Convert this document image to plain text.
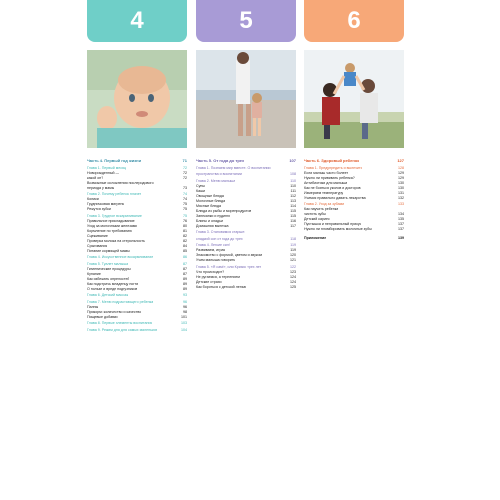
4
Часть 4. Первый год жизни	71
Глава 1. Первый месяц	72
Новорожденный —	72
какой он?	72
Возможные осложнения послеродового
периода у мамы	73
Глава 2. Почему ребенок плачет	74
Колики	74
Грудничковая мигрень	75
Режутся зубки	75
Глава 3. Грудное вскармливание	75
Правильное прикладывание	76
Уход за молочными железами	80
Кормление по требованию	81
Сцеживание	82
Проверка молока на стерильность	82
Срыгивания	84
Питание кормящей мамы	85
Глава 4. Искусственное вскармливание	86
Глава 5. Туалет малыша	87
Гигиенические процедуры	87
Купание	87
Как избежать опрелостей	89
Как подстричь младенцу ногти	89
О пользе и вреде подгузников	89
Глава 6. Детский массаж	93
Глава 7. Меню подрастающего ребенка	96
Палпы	96
Прикорм: количество и качество	98
Пищевые добавки	101
Глава 8. Первые элементы воспитания	103
Глава 9. Режим дня для самых маленьких	104
5
Часть 5. От года до трех	107
Глава 1. Познаем мир вместе. О воспитании
пространства и воспитании	108
Глава 2. Меню малыша	110
Супы	110
Каши	111
Овощные блюда	112
Молочные блюда	113
Мясные блюда	114
Блюда из рыбы и морепродуктов	115
Запеканки и пудинги	115
Блины и оладьи	116
Домашняя выпечка	117
Глава 3. Становимся старше:
сладкий сон от года до трех	118
Глава 4. Легкие сил!	119
Развиваем, играя	119
Знакомство с формой, цветом и звуком	120
Учим малыша говорить	121
Глава 5. «Я сам!», или Кризис трех лет	122
Что происходит?	123
Не ругаемся, а терпением	124
Детские страхи	124
Как бороться с детской ленью	125
6
Часть 6. Здоровый ребенок	127
Глава 1. Предупредить и вылечить	128
Если малыш часто болеет	129
Нужно ли прививать ребенка?	129
Антибиотики для малыша	130
Как не бояться уколов и докторов	130
Измеряем температуру	131
Учимся правильно давать лекарства	132
Глава 2. Уход за зубами	133
Как научить ребенка
чистить зубы	134
Детский кариес	135
Пустышка и неправильный прикус	137
Нужно ли пломбировать молочные зубы	137
Приложение	139
